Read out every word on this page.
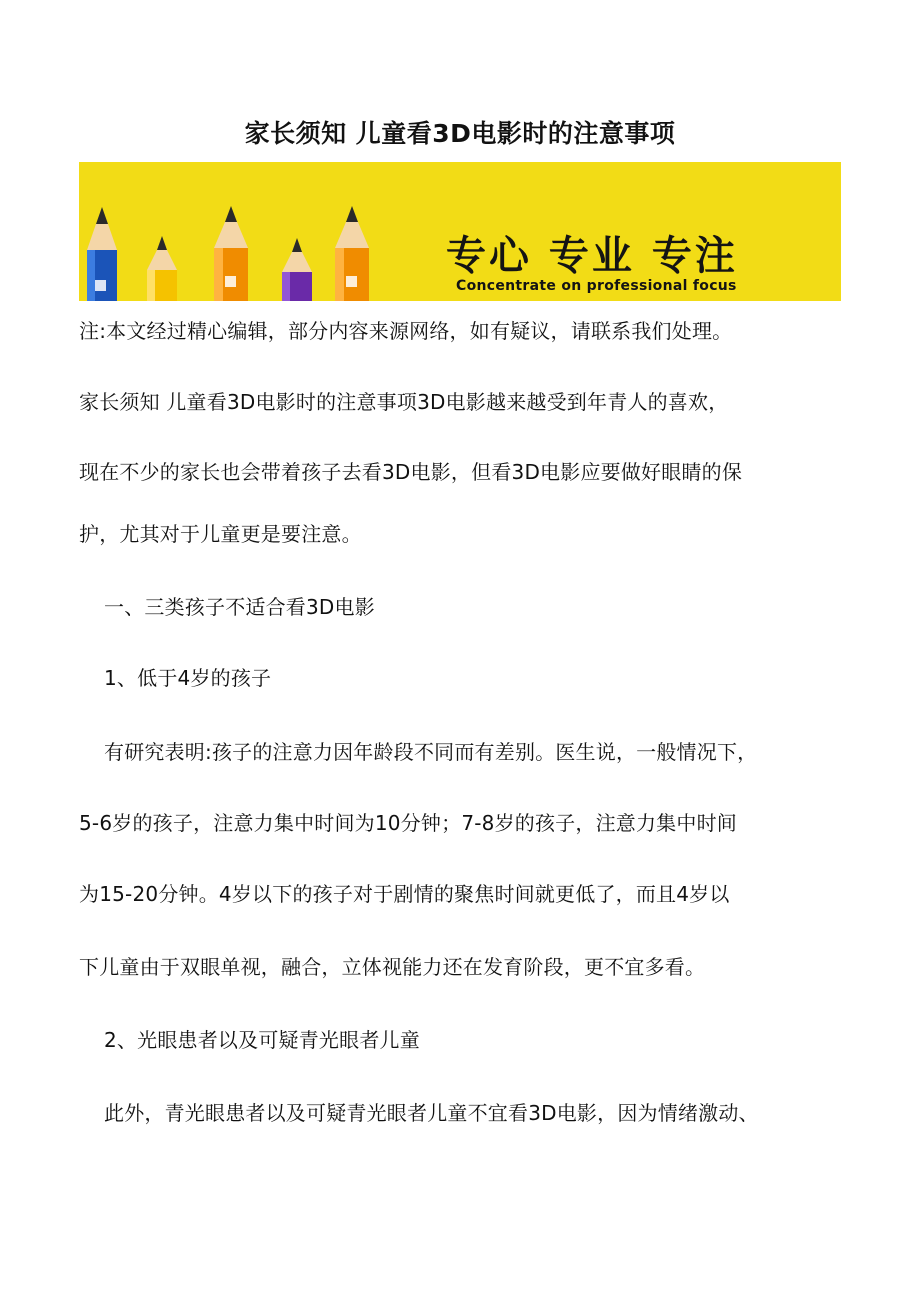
家长须知 儿童看3D电影时的注意事项
专心 专业 专注
Concentrate on professional focus
注:本文经过精心编辑，部分内容来源网络，如有疑议，请联系我们处理。
家长须知 儿童看3D电影时的注意事项3D电影越来越受到年青人的喜欢，
现在不少的家长也会带着孩子去看3D电影，但看3D电影应要做好眼睛的保
护，尤其对于儿童更是要注意。
一、三类孩子不适合看3D电影
1、低于4岁的孩子
有研究表明:孩子的注意力因年龄段不同而有差别。医生说，一般情况下，
5-6岁的孩子，注意力集中时间为10分钟；7-8岁的孩子，注意力集中时间
为15-20分钟。4岁以下的孩子对于剧情的聚焦时间就更低了，而且4岁以
下儿童由于双眼单视，融合，立体视能力还在发育阶段，更不宜多看。
2、光眼患者以及可疑青光眼者儿童
此外，青光眼患者以及可疑青光眼者儿童不宜看3D电影，因为情绪激动、
